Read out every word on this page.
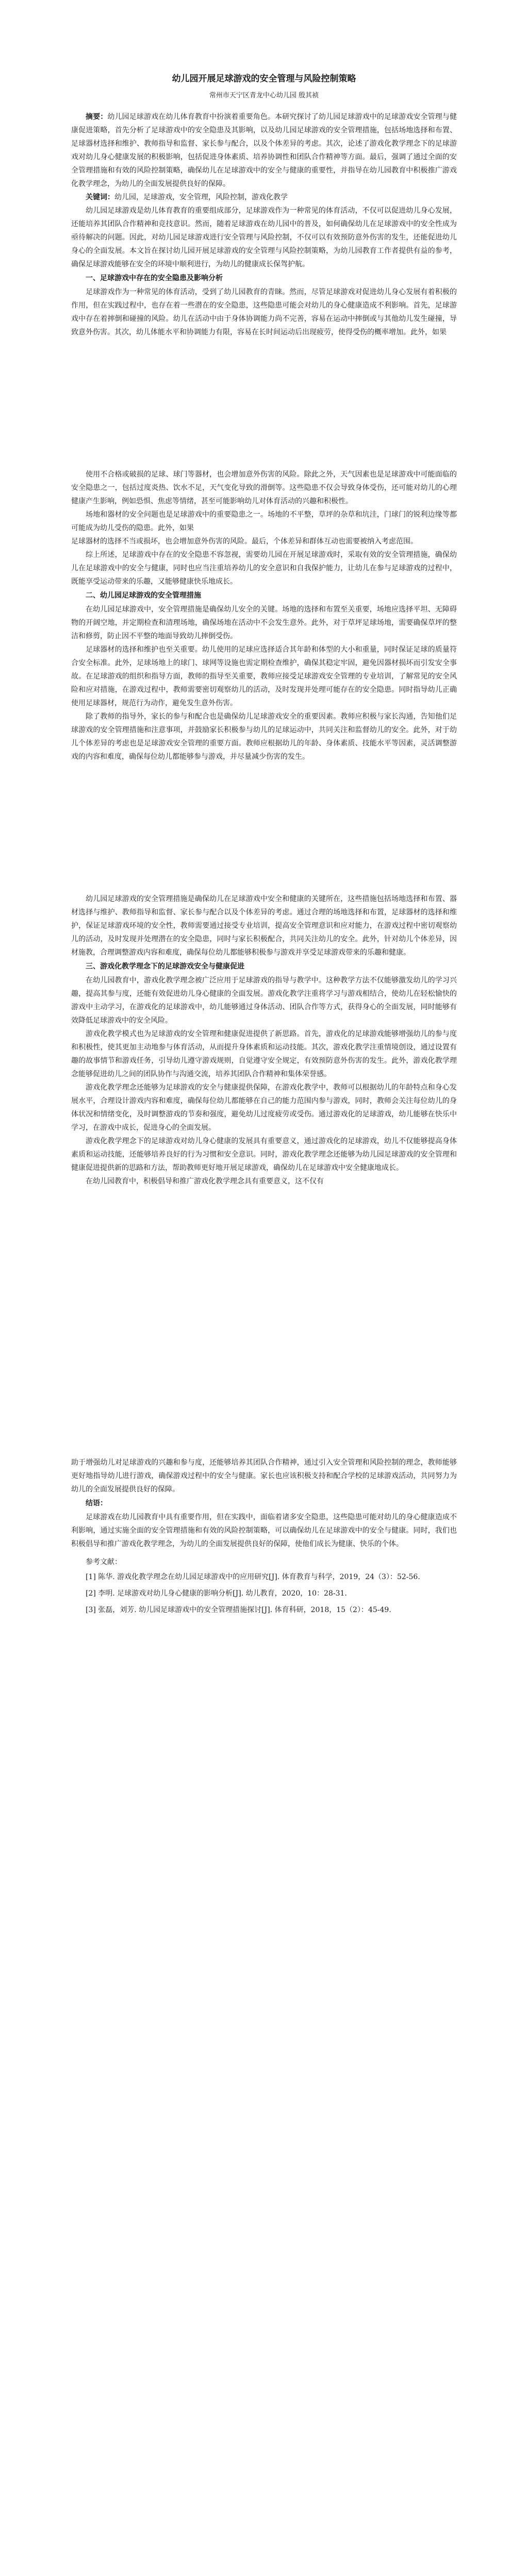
幼儿园开展足球游戏的安全管理与风险控制策略
常州市天宁区青龙中心幼儿园 殷其祯

摘要：幼儿园足球游戏在幼儿体育教育中扮演着重要角色。本研究探讨了幼儿园足球游戏中的足球游戏安全管理与健康促进策略，首先分析了足球游戏中的安全隐患及其影响，以及幼儿园足球游戏的安全管理措施，包括场地选择和布置、足球器材选择和维护、教师指导和监督、家长参与配合，以及个体差异的考虑。其次，论述了游戏化教学理念下的足球游戏对幼儿身心健康发展的积极影响，包括促进身体素质、培养协调性和团队合作精神等方面。最后，强调了通过全面的安全管理措施和有效的风险控制策略，确保幼儿在足球游戏中的安全与健康的重要性，并指导在幼儿园教育中积极推广游戏化教学理念，为幼儿的全面发展提供良好的保障。

关键词：幼儿园，足球游戏，安全管理，风险控制，游戏化教学

幼儿园足球游戏是幼儿体育教育的重要组成部分，足球游戏作为一种常见的体育活动，不仅可以促进幼儿身心发展，还能培养其团队合作精神和竞技意识。然而，随着足球游戏在幼儿园中的普及，如何确保幼儿在足球游戏中的安全性成为亟待解决的问题。因此，对幼儿园足球游戏进行安全管理与风险控制，不仅可以有效预防意外伤害的发生，还能促进幼儿身心的全面发展。本文旨在探讨幼儿园开展足球游戏的安全管理与风险控制策略，为幼儿园教育工作者提供有益的参考，确保足球游戏能够在安全的环境中顺利进行，为幼儿的健康成长保驾护航。

一、足球游戏中存在的安全隐患及影响分析

足球游戏作为一种常见的体育活动，受到了幼儿园教育的青睐。然而，尽管足球游戏对促进幼儿身心发展有着积极的作用，但在实践过程中，也存在着一些潜在的安全隐患，这些隐患可能会对幼儿的身心健康造成不利影响。首先，足球游戏中存在着摔倒和碰撞的风险。幼儿在活动中由于身体协调能力尚不完善，容易在运动中摔倒或与其他幼儿发生碰撞，导致意外伤害。其次，幼儿体能水平和协调能力有限，容易在长时间运动后出现疲劳，使得受伤的概率增加。此外，如果

使用不合格或破损的足球、球门等器材，也会增加意外伤害的风险。除此之外，天气因素也是足球游戏中可能面临的安全隐患之一，包括过度炎热、饮水不足，天气变化导致的滑倒等。这些隐患不仅会导致身体受伤，还可能对幼儿的心理健康产生影响，例如恐惧、焦虑等情绪，甚至可能影响幼儿对体育活动的兴趣和积极性。

场地和器材的安全问题也是足球游戏中的重要隐患之一。场地的不平整，草坪的杂草和坑洼，门球门的锐利边缘等都可能成为幼儿受伤的隐患。此外，如果

足球器材的选择不当或损坏，也会增加意外伤害的风险。最后，个体差异和群体互动也需要被纳入考虑范围。

综上所述，足球游戏中存在的安全隐患不容忽视，需要幼儿园在开展足球游戏时，采取有效的安全管理措施，确保幼儿在足球游戏中的安全与健康，同时也应当注重培养幼儿的安全意识和自我保护能力，让幼儿在参与足球游戏的过程中，既能享受运动带来的乐趣，又能够健康快乐地成长。

二、幼儿园足球游戏的安全管理措施

在幼儿园足球游戏中，安全管理措施是确保幼儿安全的关键。场地的选择和布置至关重要，场地应选择平坦、无障碍物的开阔空地，并定期检查和清理场地，确保场地在活动中不会发生意外。此外，对于草坪足球场地，需要确保草坪的整洁和修剪，防止因不平整的地面导致幼儿摔倒受伤。

足球器材的选择和维护也至关重要。幼儿使用的足球应选择适合其年龄和体型的大小和重量，同时保证足球的质量符合安全标准。此外，足球场地上的球门、球网等设施也需定期检查维护，确保其稳定牢固，避免因器材损坏而引发安全事故。在足球游戏的组织和指导方面，教师的指导至关重要，教师应接受足球游戏安全管理的专业培训，了解常见的安全风险和应对措施，在游戏过程中，教师需要密切观察幼儿的活动，及时发现并处理可能存在的安全隐患。同时指导幼儿正确使用足球器材，规范行为动作，避免发生意外伤害。

除了教师的指导外，家长的参与和配合也是确保幼儿足球游戏安全的重要因素。教师应积极与家长沟通，告知他们足球游戏的安全管理措施和注意事项，并鼓励家长积极参与幼儿的足球运动中，共同关注和监督幼儿的安全。此外，对于幼儿个体差异的考虑也是足球游戏安全管理的重要方面。教师应根据幼儿的年龄、身体素质、技能水平等因素，灵活调整游戏的内容和难度，确保每位幼儿都能够参与游戏，并尽量减少伤害的发生。

幼儿园足球游戏的安全管理措施是确保幼儿在足球游戏中安全和健康的关键所在，这些措施包括场地选择和布置、器材选择与维护、教师指导和监督、家长参与配合以及个体差异的考虑。通过合理的场地选择和布置，足球器材的选择和维护，保证足球游戏环境的安全性，教师需要通过接受专业培训，提高安全管理意识和应对能力，在游戏过程中密切观察幼儿的活动，及时发现并处理潜在的安全隐患，同时与家长积极配合，共同关注幼儿的安全。此外，针对幼儿个体差异，因材施教，合理调整游戏内容和难度，确保每位幼儿都能够积极参与游戏并享受足球游戏带来的乐趣和健康。

三、游戏化教学理念下的足球游戏安全与健康促进

在幼儿园教育中，游戏化教学理念被广泛应用于足球游戏的指导与教学中。这种教学方法不仅能够激发幼儿的学习兴趣，提高其参与度，还能有效促进幼儿身心健康的全面发展。游戏化教学注重将学习与游戏相结合，使幼儿在轻松愉快的游戏中主动学习，在游戏化的足球游戏中，幼儿能够通过身体活动、团队合作等方式，获得身心的全面发展，同时能够有效降低足球游戏中的安全风险。

游戏化教学模式也为足球游戏的安全管理和健康促进提供了新思路。首先，游戏化的足球游戏能够增强幼儿的参与度和积极性，使其更加主动地参与体育活动，从而提升身体素质和运动技能。其次，游戏化教学注重情境创设，通过设置有趣的故事情节和游戏任务，引导幼儿遵守游戏规则，自觉遵守安全规定，有效预防意外伤害的发生。此外，游戏化教学理念能够促进幼儿之间的团队协作与沟通交流，培养其团队合作精神和集体荣誉感。

游戏化教学理念还能够为足球游戏的安全与健康提供保障，在游戏化教学中，教师可以根据幼儿的年龄特点和身心发展水平，合理设计游戏内容和难度，确保每位幼儿都能够在自己的能力范围内参与游戏，同时，教师会关注每位幼儿的身体状况和情绪变化，及时调整游戏的节奏和强度，避免幼儿过度疲劳或受伤。通过游戏化的足球游戏，幼儿能够在快乐中学习，在游戏中成长，促进身心的全面发展。

游戏化教学理念下的足球游戏对幼儿身心健康的发展具有重要意义，通过游戏化的足球游戏，幼儿不仅能够提高身体素质和运动技能，还能够培养良好的行为习惯和安全意识。同时，游戏化教学理念还能够为幼儿园足球游戏的安全管理和健康促进提供新的思路和方法，帮助教师更好地开展足球游戏，确保幼儿在足球游戏中安全健康地成长。

在幼儿园教育中，积极倡导和推广游戏化教学理念具有重要意义，这不仅有

助于增强幼儿对足球游戏的兴趣和参与度，还能够培养其团队合作精神，通过引入安全管理和风险控制的理念，教师能够更好地指导幼儿进行游戏，确保游戏过程中的安全与健康。家长也应该积极支持和配合学校的足球游戏活动，共同努力为幼儿的全面发展提供良好的保障。

结语：

足球游戏在幼儿园教育中具有重要作用，但在实践中，面临着诸多安全隐患，这些隐患可能对幼儿的身心健康造成不利影响，通过实施全面的安全管理措施和有效的风险控制策略，可以确保幼儿在足球游戏中的安全与健康。同时，我们也积极倡导和推广游戏化教学理念，为幼儿的全面发展提供良好的保障，使他们成长为健康、快乐的个体。

参考文献：
[1] 陈华. 游戏化教学理念在幼儿园足球游戏中的应用研究[J]. 体育教育与科学，2019，24（3）：52-56.
[2] 李明. 足球游戏对幼儿身心健康的影响分析[J]. 幼儿教育，2020，10：28-31.
[3] 张磊，刘芳. 幼儿园足球游戏中的安全管理措施探讨[J]. 体育科研，2018，15（2）：45-49.
